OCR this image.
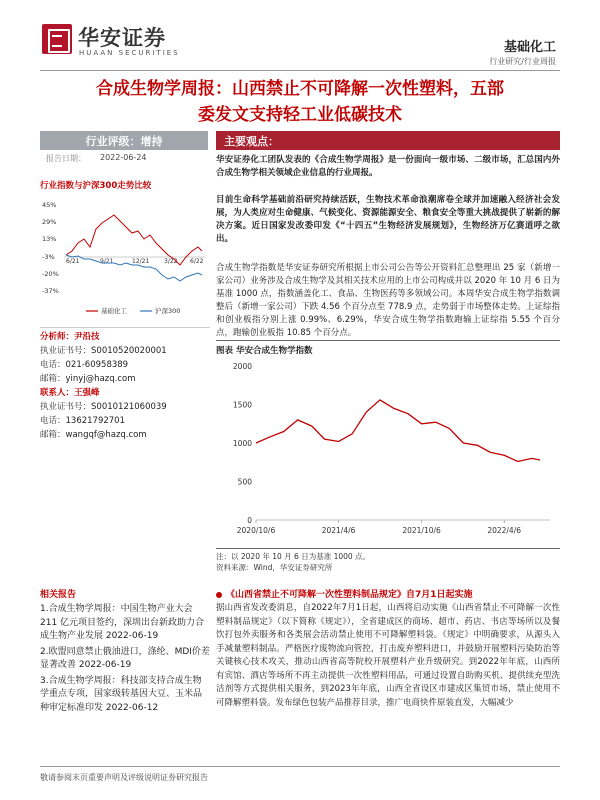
华安证券
HUAAN SECURITIES	基础化工
行业研究/行业周报
合成生物学周报：山西禁止不可降解一次性塑料，五部
委发文支持轻工业低碳技术
行业评级：增持
报告日期： 2022-06-24
行业指数与沪深300走势比较
45%
29%
13%
-3%
-20%
-37%
6/21	9/21	12/21 3/22 6/22
基础化工	沪深300
分析师：尹沿技
执业证书号：S0010520020001
电话：021-60958389
邮箱：yinyj@hazq.com
联系人：王强峰
执业证书号：S0010121060039
电话：13621792701
邮箱：wangqf@hazq.com
相关报告
1.合成生物学周报：中国生物产业大会 211 亿元项目签约，深圳出台新政助力合成生物产业发展 2022-06-19
2.欧盟同意禁止俄油进口，涤纶、MDI价差显著改善 2022-06-19
3.合成生物学周报：科技部支持合成生物学重点专项，国家级转基因大豆、玉米品种审定标准印发 2022-06-12
主要观点：
华安证券化工团队发表的《合成生物学周报》是一份面向一级市场、二级市场，汇总国内外合成生物学相关领域企业信息的行业周报。
目前生命科学基础前沿研究持续活跃，生物技术革命浪潮席卷全球并加速融入经济社会发展，为人类应对生命健康、气候变化、资源能源安全、粮食安全等重大挑战提供了崭新的解决方案。近日国家发改委印发《“十四五”生物经济发展规划》，生物经济万亿赛道呼之欲出。
合成生物学指数是华安证券研究所根据上市公司公告等公开资料汇总整理出 25 家（新增一家公司）业务涉及合成生物学及其相关技术应用的上市公司构成并以 2020 年 10 月 6 日为基准 1000 点，指数涵盖化工、食品、生物医药等多领域公司。本周华安合成生物学指数调整后（新增一家公司）下跌 4.56 个百分点至 778.9 点，走势弱于市场整体走势。上证综指和创业板指分别上涨 0.99%、6.29%，华安合成生物学指数跑输上证综指 5.55 个百分点，跑输创业板指 10.85 个百分点。
图表 华安合成生物学指数
0
500
1000
1500
2000
2020/10/6	2021/4/6	2021/10/6	2022/4/6
注：以 2020 年 10 月 6 日为基准 1000 点。
资料来源：Wind，华安证券研究所
《山西省禁止不可降解一次性塑料制品规定》自7月1日起实施
据山西省发改委消息，自2022年7月1日起，山西将启动实施《山西省禁止不可降解一次性塑料制品规定》（以下简称《规定》），全省建成区的商场、超市、药店、书店等场所以及餐饮打包外卖服务和各类展会活动禁止使用不可降解塑料袋。《规定》中明确要求，从源头入手减量塑料制品。严格医疗废物流向管控，打击废弃塑料进口，并鼓励开展塑料污染防治等关键核心技术攻关，推动山西省高等院校开展塑料产业升级研究。到2022年年底，山西所有宾馆、酒店等场所不再主动提供一次性塑料用品，可通过设置自助购买机、提供续充型洗洁剂等方式提供相关服务，到2023年年底，山西全省设区市建成区集贸市场，禁止使用不可降解塑料袋。发布绿色包装产品推荐目录，推广电商快件原装直发，大幅减少
敬请参阅末页重要声明及评级说明证券研究报告
